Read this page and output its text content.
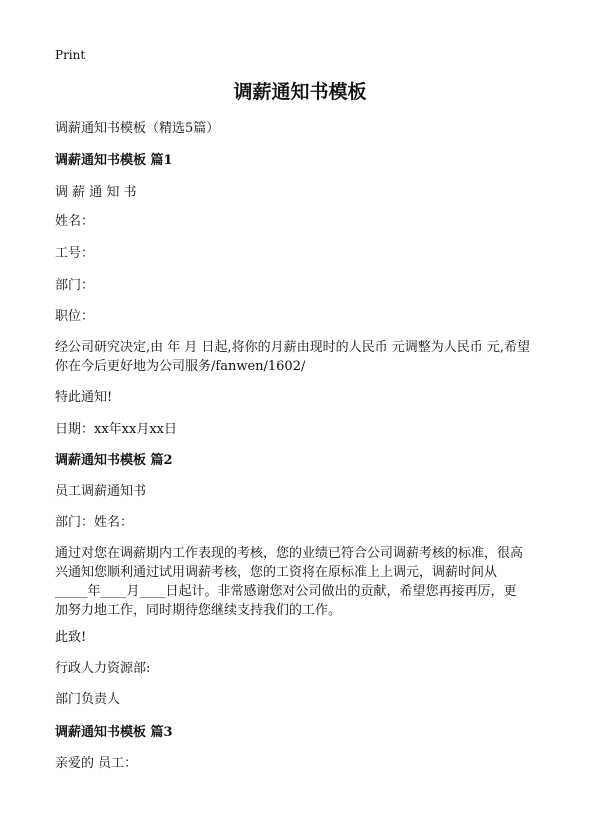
Print
调薪通知书模板
调薪通知书模板（精选5篇）
调薪通知书模板 篇1
调 薪 通 知 书
姓名：
工号：
部门：
职位：
经公司研究决定,由 年 月 日起,将你的月薪由现时的人民币 元调整为人民币 元,希望
你在今后更好地为公司服务/fanwen/1602/
特此通知!
日期：xx年xx月xx日
调薪通知书模板 篇2
员工调薪通知书
部门：姓名：
通过对您在调薪期内工作表现的考核，您的业绩已符合公司调薪考核的标准，很高
兴通知您顺利通过试用调薪考核，您的工资将在原标准上上调元，调薪时间从
_____年____月____日起计。非常感谢您对公司做出的贡献，希望您再接再厉，更
加努力地工作，同时期待您继续支持我们的工作。
此致!
行政人力资源部:
部门负责人
调薪通知书模板 篇3
亲爱的 员工：
